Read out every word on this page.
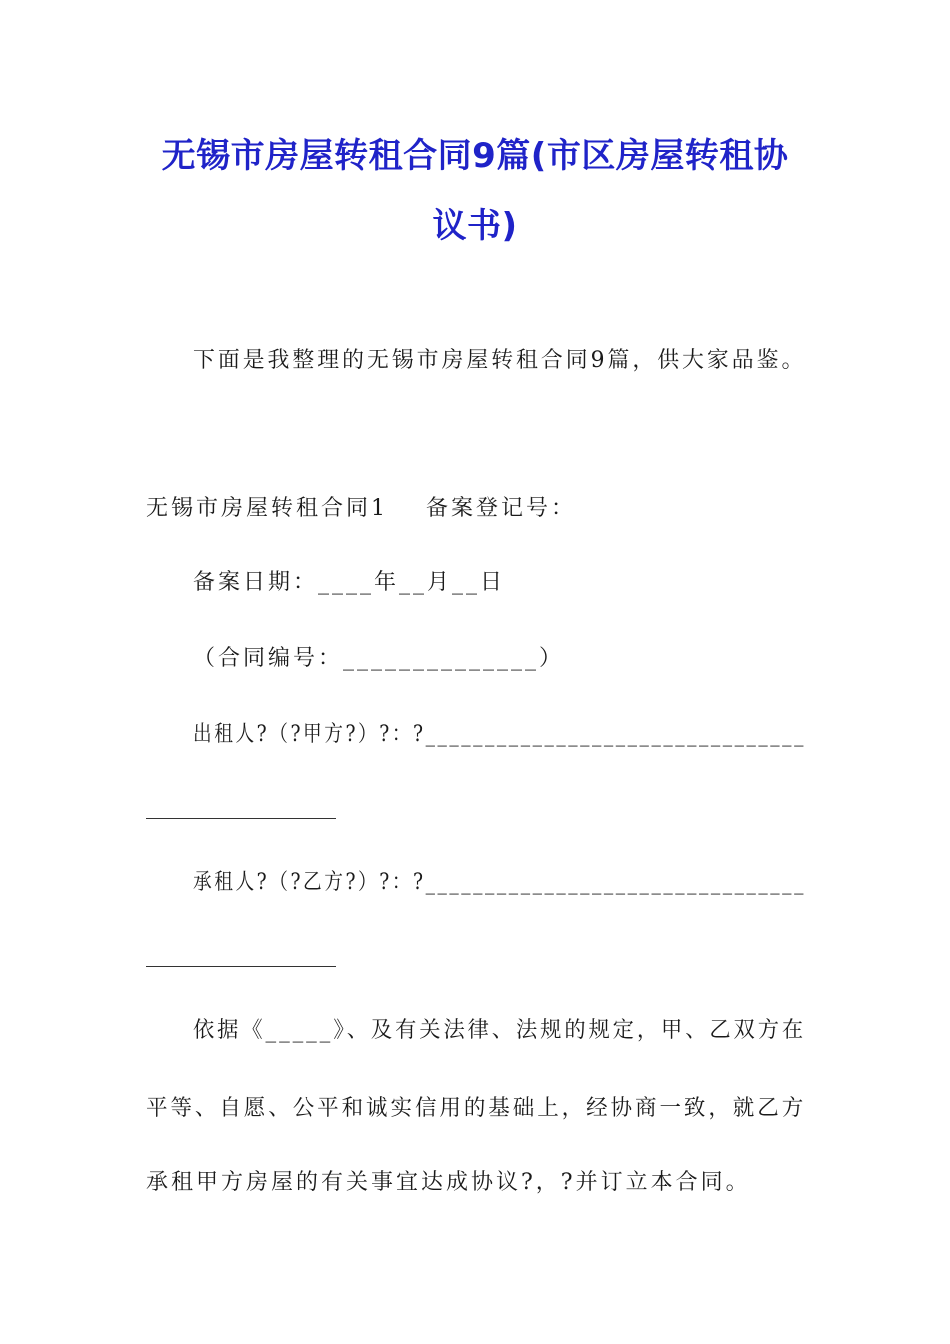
无锡市房屋转租合同9篇(市区房屋转租协
议书)
下面是我整理的无锡市房屋转租合同9篇，供大家品鉴。
无锡市房屋转租合同1 备案登记号：
备案日期：____年__月__日
（合同编号：______________）
出租人?（?甲方?）?：?________________________________
承租人?（?乙方?）?：?________________________________
依据《_____》、及有关法律、法规的规定，甲、乙双方在
平等、自愿、公平和诚实信用的基础上，经协商一致，就乙方
承租甲方房屋的有关事宜达成协议?，?并订立本合同。
